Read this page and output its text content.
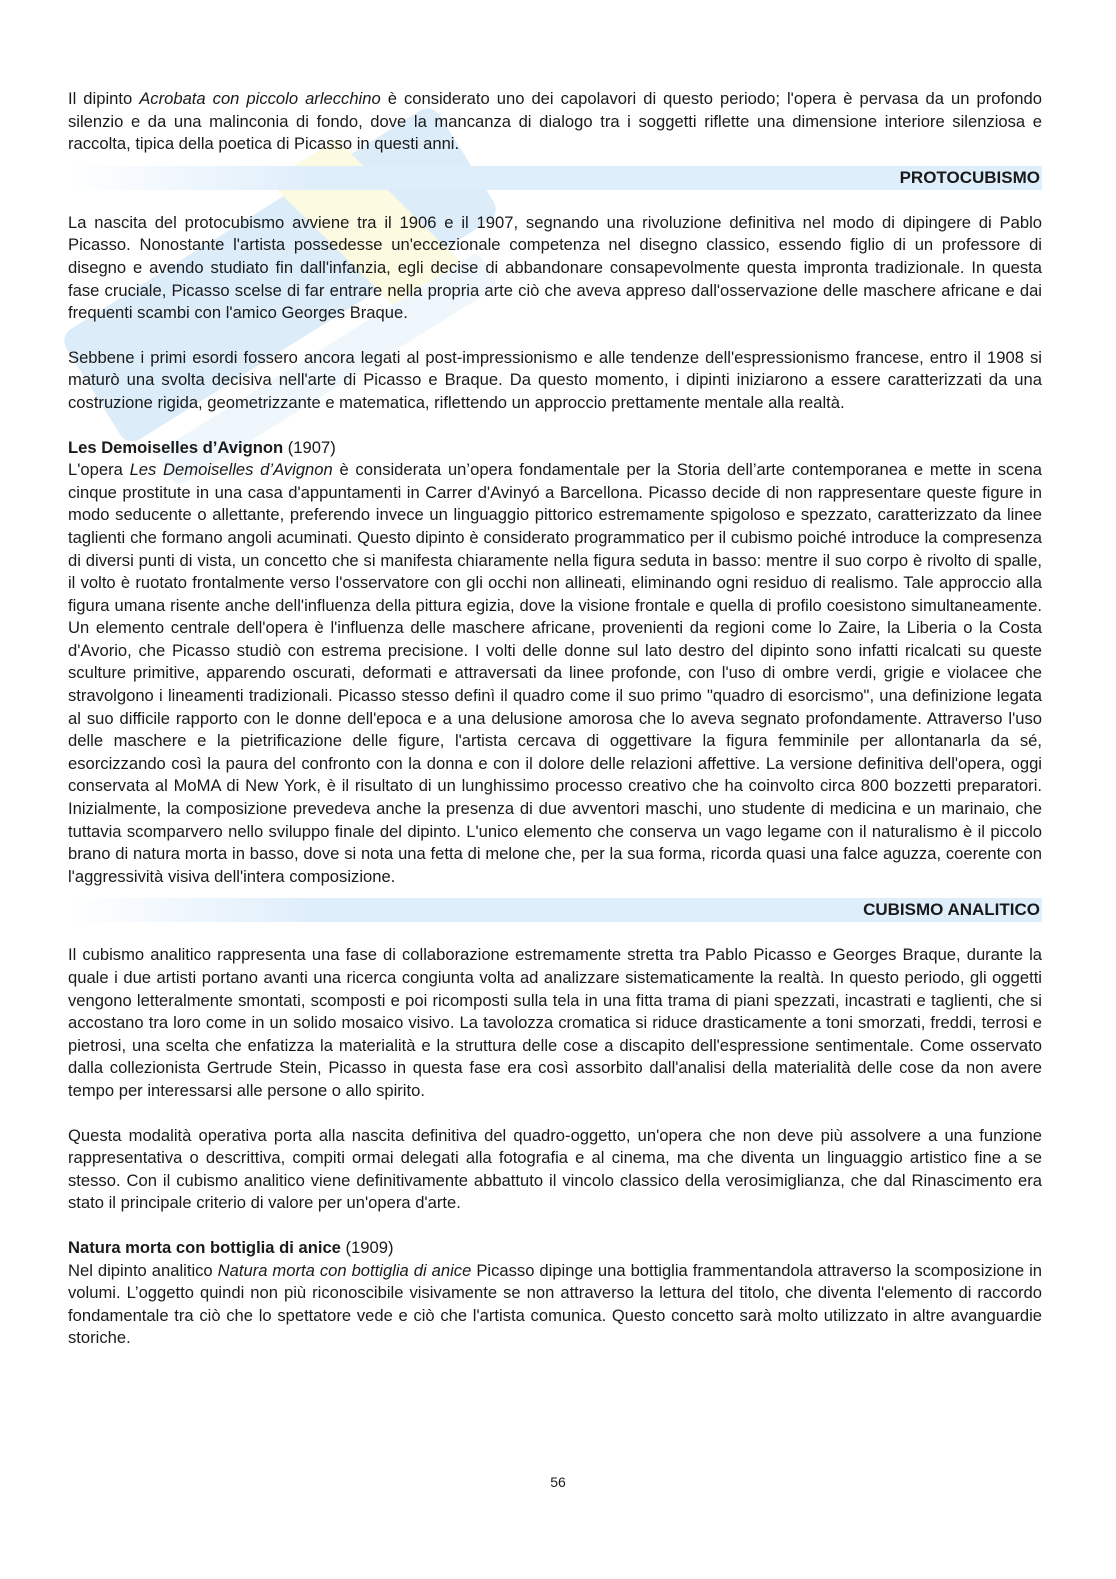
Il dipinto Acrobata con piccolo arlecchino è considerato uno dei capolavori di questo periodo; l'opera è pervasa da un profondo silenzio e da una malinconia di fondo, dove la mancanza di dialogo tra i soggetti riflette una dimensione interiore silenziosa e raccolta, tipica della poetica di Picasso in questi anni.

PROTOCUBISMO

La nascita del protocubismo avviene tra il 1906 e il 1907, segnando una rivoluzione definitiva nel modo di dipingere di Pablo Picasso. Nonostante l'artista possedesse un'eccezionale competenza nel disegno classico, essendo figlio di un professore di disegno e avendo studiato fin dall'infanzia, egli decise di abbandonare consapevolmente questa impronta tradizionale. In questa fase cruciale, Picasso scelse di far entrare nella propria arte ciò che aveva appreso dall'osservazione delle maschere africane e dai frequenti scambi con l'amico Georges Braque.

Sebbene i primi esordi fossero ancora legati al post-impressionismo e alle tendenze dell'espressionismo francese, entro il 1908 si maturò una svolta decisiva nell'arte di Picasso e Braque. Da questo momento, i dipinti iniziarono a essere caratterizzati da una costruzione rigida, geometrizzante e matematica, riflettendo un approccio prettamente mentale alla realtà.

Les Demoiselles d’Avignon (1907)

L'opera Les Demoiselles d’Avignon è considerata un’opera fondamentale per la Storia dell’arte contemporanea e mette in scena cinque prostitute in una casa d'appuntamenti in Carrer d'Avinyó a Barcellona. Picasso decide di non rappresentare queste figure in modo seducente o allettante, preferendo invece un linguaggio pittorico estremamente spigoloso e spezzato, caratterizzato da linee taglienti che formano angoli acuminati. Questo dipinto è considerato programmatico per il cubismo poiché introduce la compresenza di diversi punti di vista, un concetto che si manifesta chiaramente nella figura seduta in basso: mentre il suo corpo è rivolto di spalle, il volto è ruotato frontalmente verso l'osservatore con gli occhi non allineati, eliminando ogni residuo di realismo. Tale approccio alla figura umana risente anche dell'influenza della pittura egizia, dove la visione frontale e quella di profilo coesistono simultaneamente. Un elemento centrale dell'opera è l'influenza delle maschere africane, provenienti da regioni come lo Zaire, la Liberia o la Costa d'Avorio, che Picasso studiò con estrema precisione. I volti delle donne sul lato destro del dipinto sono infatti ricalcati su queste sculture primitive, apparendo oscurati, deformati e attraversati da linee profonde, con l'uso di ombre verdi, grigie e violacee che stravolgono i lineamenti tradizionali. Picasso stesso definì il quadro come il suo primo "quadro di esorcismo", una definizione legata al suo difficile rapporto con le donne dell'epoca e a una delusione amorosa che lo aveva segnato profondamente. Attraverso l'uso delle maschere e la pietrificazione delle figure, l'artista cercava di oggettivare la figura femminile per allontanarla da sé, esorcizzando così la paura del confronto con la donna e con il dolore delle relazioni affettive. La versione definitiva dell'opera, oggi conservata al MoMA di New York, è il risultato di un lunghissimo processo creativo che ha coinvolto circa 800 bozzetti preparatori. Inizialmente, la composizione prevedeva anche la presenza di due avventori maschi, uno studente di medicina e un marinaio, che tuttavia scomparvero nello sviluppo finale del dipinto. L'unico elemento che conserva un vago legame con il naturalismo è il piccolo brano di natura morta in basso, dove si nota una fetta di melone che, per la sua forma, ricorda quasi una falce aguzza, coerente con l'aggressività visiva dell'intera composizione.

CUBISMO ANALITICO

Il cubismo analitico rappresenta una fase di collaborazione estremamente stretta tra Pablo Picasso e Georges Braque, durante la quale i due artisti portano avanti una ricerca congiunta volta ad analizzare sistematicamente la realtà. In questo periodo, gli oggetti vengono letteralmente smontati, scomposti e poi ricomposti sulla tela in una fitta trama di piani spezzati, incastrati e taglienti, che si accostano tra loro come in un solido mosaico visivo. La tavolozza cromatica si riduce drasticamente a toni smorzati, freddi, terrosi e pietrosi, una scelta che enfatizza la materialità e la struttura delle cose a discapito dell'espressione sentimentale. Come osservato dalla collezionista Gertrude Stein, Picasso in questa fase era così assorbito dall'analisi della materialità delle cose da non avere tempo per interessarsi alle persone o allo spirito.

Questa modalità operativa porta alla nascita definitiva del quadro-oggetto, un'opera che non deve più assolvere a una funzione rappresentativa o descrittiva, compiti ormai delegati alla fotografia e al cinema, ma che diventa un linguaggio artistico fine a se stesso. Con il cubismo analitico viene definitivamente abbattuto il vincolo classico della verosimiglianza, che dal Rinascimento era stato il principale criterio di valore per un'opera d'arte.

Natura morta con bottiglia di anice (1909)

Nel dipinto analitico Natura morta con bottiglia di anice Picasso dipinge una bottiglia frammentandola attraverso la scomposizione in volumi. L’oggetto quindi non più riconoscibile visivamente se non attraverso la lettura del titolo, che diventa l'elemento di raccordo fondamentale tra ciò che lo spettatore vede e ciò che l'artista comunica. Questo concetto sarà molto utilizzato in altre avanguardie storiche.

56
